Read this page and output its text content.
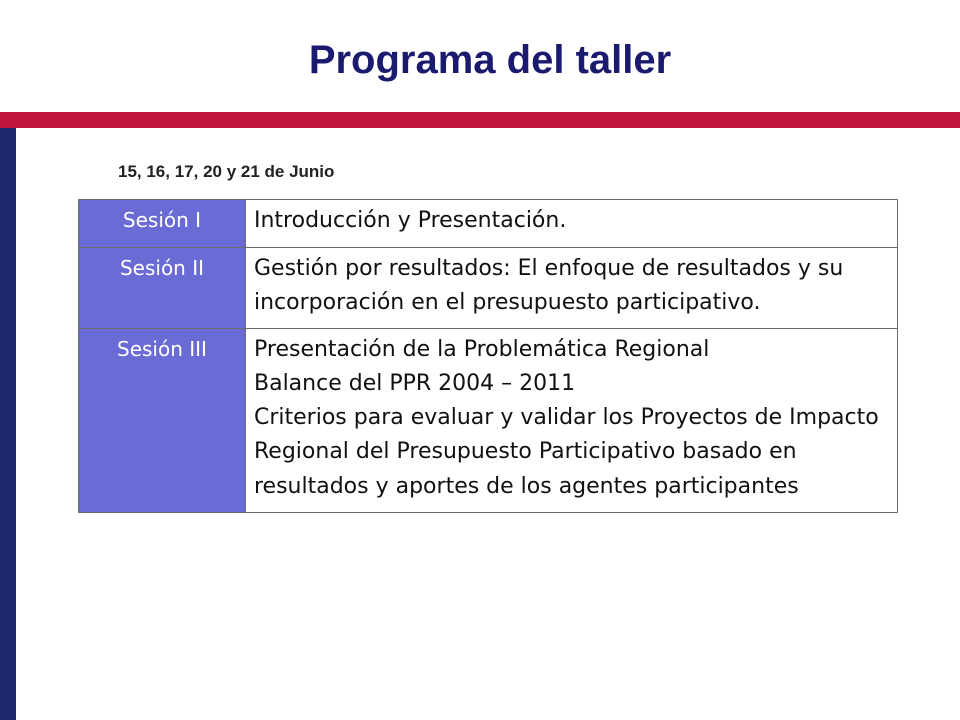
Programa del taller
15, 16, 17, 20 y 21 de Junio
Sesión I	Introducción y Presentación.

Sesión II	Gestión por resultados: El enfoque de resultados y su incorporación en el presupuesto participativo.

Sesión III	Presentación de la Problemática Regional
Balance del PPR 2004 – 2011
Criterios para evaluar y validar los Proyectos de Impacto Regional del Presupuesto Participativo basado en resultados y aportes de los agentes participantes
